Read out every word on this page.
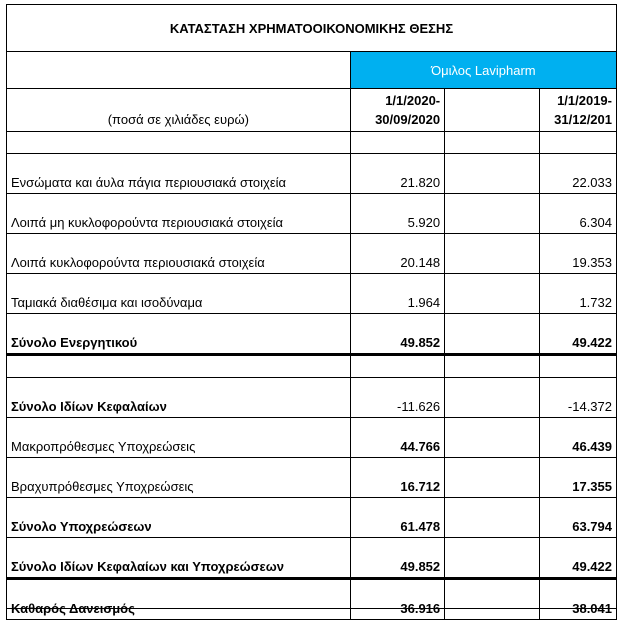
ΚΑΤΑΣΤΑΣΗ ΧΡΗΜΑΤΟΟΙΚΟΝΟΜΙΚΗΣ ΘΕΣΗΣ			
	Όμιλος Lavipharm		
(ποσά σε χιλιάδες ευρώ)	1/1/2020-
30/09/2020		1/1/2019-
31/12/201

Ενσώματα και άυλα πάγια περιουσιακά στοιχεία	21.820		22.033
Λοιπά μη κυκλοφορούντα περιουσιακά στοιχεία	5.920		6.304
Λοιπά κυκλοφορούντα περιουσιακά στοιχεία	20.148		19.353
Ταμιακά διαθέσιμα και ισοδύναμα	1.964		1.732
Σύνολο Ενεργητικού	49.852		49.422

Σύνολο Ιδίων Κεφαλαίων	-11.626		-14.372
Μακροπρόθεσμες Υποχρεώσεις	44.766		46.439
Βραχυπρόθεσμες Υποχρεώσεις	16.712		17.355
Σύνολο Υποχρεώσεων	61.478		63.794
Σύνολο Ιδίων Κεφαλαίων και Υποχρεώσεων	49.852		49.422
Καθαρός Δανεισμός	36.916		38.041
